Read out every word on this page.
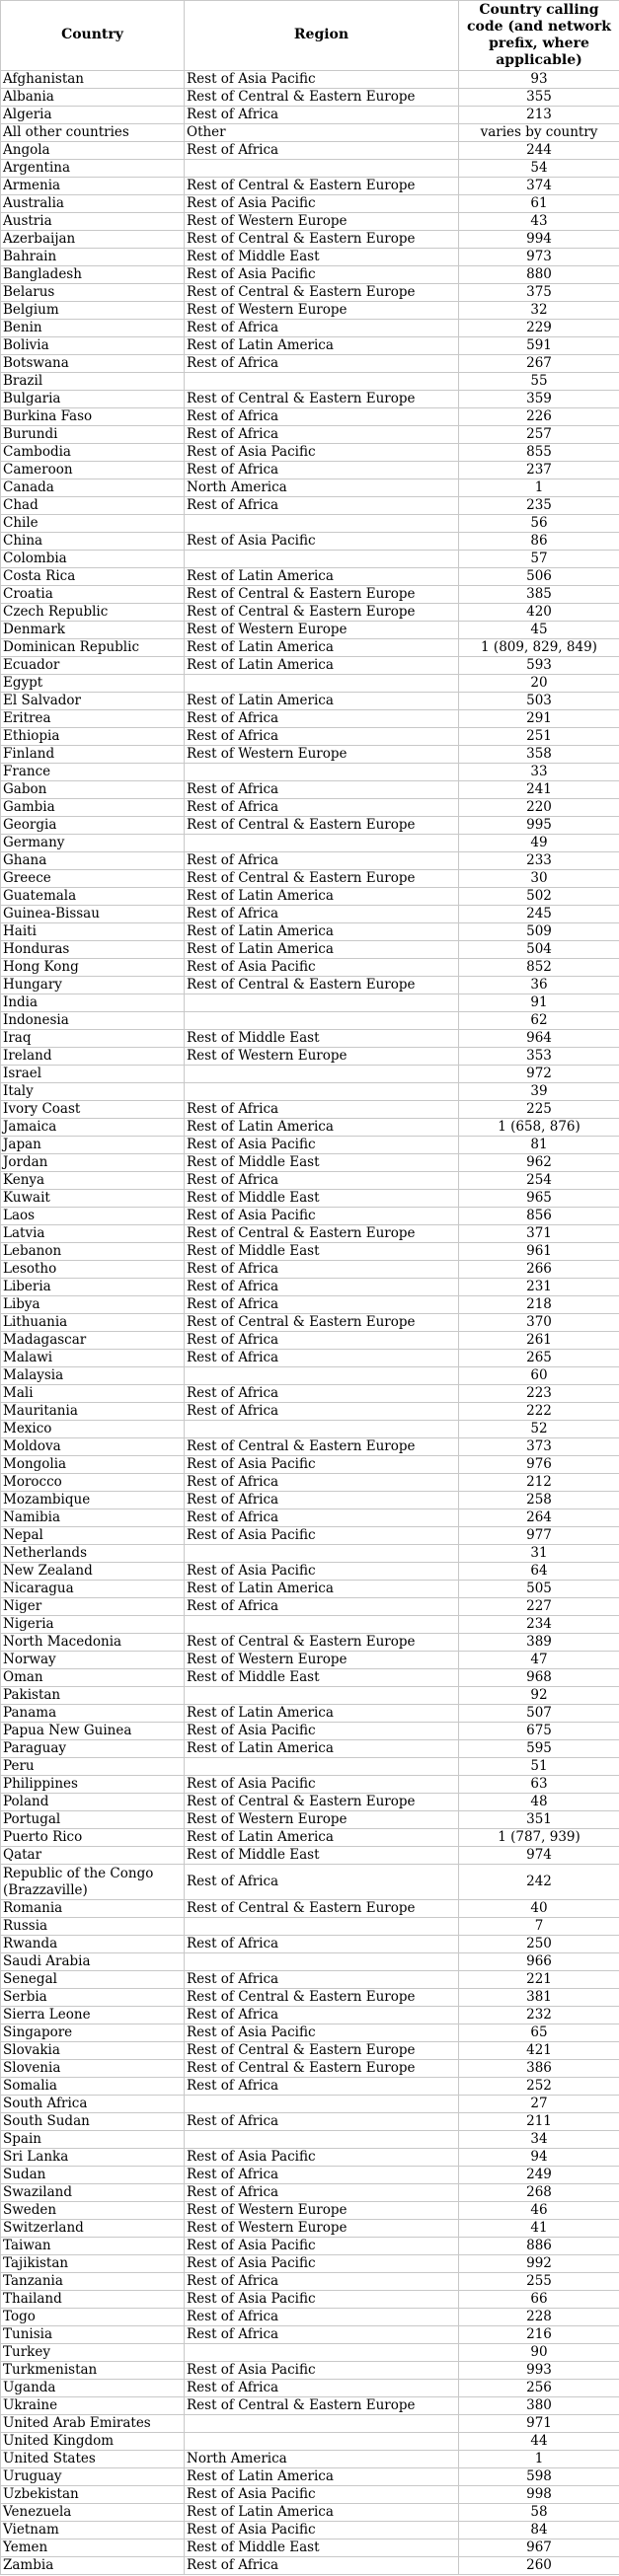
Country	Region	Country calling code (and network prefix, where applicable)
Afghanistan	Rest of Asia Pacific	93
Albania	Rest of Central & Eastern Europe	355
Algeria	Rest of Africa	213
All other countries	Other	varies by country
Angola	Rest of Africa	244
Argentina		54
Armenia	Rest of Central & Eastern Europe	374
Australia	Rest of Asia Pacific	61
Austria	Rest of Western Europe	43
Azerbaijan	Rest of Central & Eastern Europe	994
Bahrain	Rest of Middle East	973
Bangladesh	Rest of Asia Pacific	880
Belarus	Rest of Central & Eastern Europe	375
Belgium	Rest of Western Europe	32
Benin	Rest of Africa	229
Bolivia	Rest of Latin America	591
Botswana	Rest of Africa	267
Brazil		55
Bulgaria	Rest of Central & Eastern Europe	359
Burkina Faso	Rest of Africa	226
Burundi	Rest of Africa	257
Cambodia	Rest of Asia Pacific	855
Cameroon	Rest of Africa	237
Canada	North America	1
Chad	Rest of Africa	235
Chile		56
China	Rest of Asia Pacific	86
Colombia		57
Costa Rica	Rest of Latin America	506
Croatia	Rest of Central & Eastern Europe	385
Czech Republic	Rest of Central & Eastern Europe	420
Denmark	Rest of Western Europe	45
Dominican Republic	Rest of Latin America	1 (809, 829, 849)
Ecuador	Rest of Latin America	593
Egypt		20
El Salvador	Rest of Latin America	503
Eritrea	Rest of Africa	291
Ethiopia	Rest of Africa	251
Finland	Rest of Western Europe	358
France		33
Gabon	Rest of Africa	241
Gambia	Rest of Africa	220
Georgia	Rest of Central & Eastern Europe	995
Germany		49
Ghana	Rest of Africa	233
Greece	Rest of Central & Eastern Europe	30
Guatemala	Rest of Latin America	502
Guinea-Bissau	Rest of Africa	245
Haiti	Rest of Latin America	509
Honduras	Rest of Latin America	504
Hong Kong	Rest of Asia Pacific	852
Hungary	Rest of Central & Eastern Europe	36
India		91
Indonesia		62
Iraq	Rest of Middle East	964
Ireland	Rest of Western Europe	353
Israel		972
Italy		39
Ivory Coast	Rest of Africa	225
Jamaica	Rest of Latin America	1 (658, 876)
Japan	Rest of Asia Pacific	81
Jordan	Rest of Middle East	962
Kenya	Rest of Africa	254
Kuwait	Rest of Middle East	965
Laos	Rest of Asia Pacific	856
Latvia	Rest of Central & Eastern Europe	371
Lebanon	Rest of Middle East	961
Lesotho	Rest of Africa	266
Liberia	Rest of Africa	231
Libya	Rest of Africa	218
Lithuania	Rest of Central & Eastern Europe	370
Madagascar	Rest of Africa	261
Malawi	Rest of Africa	265
Malaysia		60
Mali	Rest of Africa	223
Mauritania	Rest of Africa	222
Mexico		52
Moldova	Rest of Central & Eastern Europe	373
Mongolia	Rest of Asia Pacific	976
Morocco	Rest of Africa	212
Mozambique	Rest of Africa	258
Namibia	Rest of Africa	264
Nepal	Rest of Asia Pacific	977
Netherlands		31
New Zealand	Rest of Asia Pacific	64
Nicaragua	Rest of Latin America	505
Niger	Rest of Africa	227
Nigeria		234
North Macedonia	Rest of Central & Eastern Europe	389
Norway	Rest of Western Europe	47
Oman	Rest of Middle East	968
Pakistan		92
Panama	Rest of Latin America	507
Papua New Guinea	Rest of Asia Pacific	675
Paraguay	Rest of Latin America	595
Peru		51
Philippines	Rest of Asia Pacific	63
Poland	Rest of Central & Eastern Europe	48
Portugal	Rest of Western Europe	351
Puerto Rico	Rest of Latin America	1 (787, 939)
Qatar	Rest of Middle East	974
Republic of the Congo (Brazzaville)	Rest of Africa	242
Romania	Rest of Central & Eastern Europe	40
Russia		7
Rwanda	Rest of Africa	250
Saudi Arabia		966
Senegal	Rest of Africa	221
Serbia	Rest of Central & Eastern Europe	381
Sierra Leone	Rest of Africa	232
Singapore	Rest of Asia Pacific	65
Slovakia	Rest of Central & Eastern Europe	421
Slovenia	Rest of Central & Eastern Europe	386
Somalia	Rest of Africa	252
South Africa		27
South Sudan	Rest of Africa	211
Spain		34
Sri Lanka	Rest of Asia Pacific	94
Sudan	Rest of Africa	249
Swaziland	Rest of Africa	268
Sweden	Rest of Western Europe	46
Switzerland	Rest of Western Europe	41
Taiwan	Rest of Asia Pacific	886
Tajikistan	Rest of Asia Pacific	992
Tanzania	Rest of Africa	255
Thailand	Rest of Asia Pacific	66
Togo	Rest of Africa	228
Tunisia	Rest of Africa	216
Turkey		90
Turkmenistan	Rest of Asia Pacific	993
Uganda	Rest of Africa	256
Ukraine	Rest of Central & Eastern Europe	380
United Arab Emirates		971
United Kingdom		44
United States	North America	1
Uruguay	Rest of Latin America	598
Uzbekistan	Rest of Asia Pacific	998
Venezuela	Rest of Latin America	58
Vietnam	Rest of Asia Pacific	84
Yemen	Rest of Middle East	967
Zambia	Rest of Africa	260
